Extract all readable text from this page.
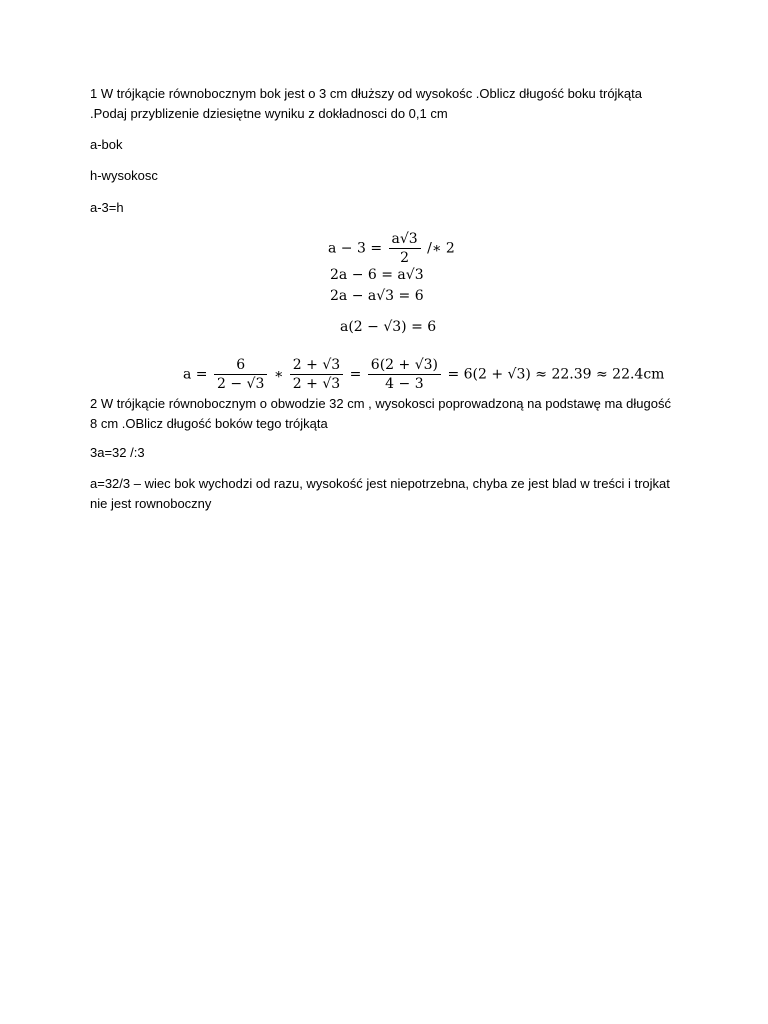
1 W trójkącie równobocznym bok jest o 3 cm dłuższy od wysokośc .Oblicz długość boku trójkąta
.Podaj przyblizenie dziesiętne wyniku z dokładnosci do 0,1 cm
a-bok
h-wysokosc
a-3=h
$a - 3 = \frac{a√3}{2}$ /∗ 2
2a − 6 = a√3
2a − a√3 = 6
a(2 − √3) = 6
$a = \frac{6}{2 - √3}$ ∗ $\frac{2 + √3}{2 + √3} = \frac{6(2 + √3)}{4 - 3} = 6(2 + √3) \approx 22.39 \approx 22.4cm$
2 W trójkącie równobocznym o obwodzie 32 cm , wysokosci poprowadzoną na podstawę ma długość
8 cm .OBlicz długość boków tego trójkąta
3a=32 /:3
a=32/3 – wiec bok wychodzi od razu, wysokość jest niepotrzebna, chyba ze jest blad w treści i trojkat
nie jest rownoboczny
